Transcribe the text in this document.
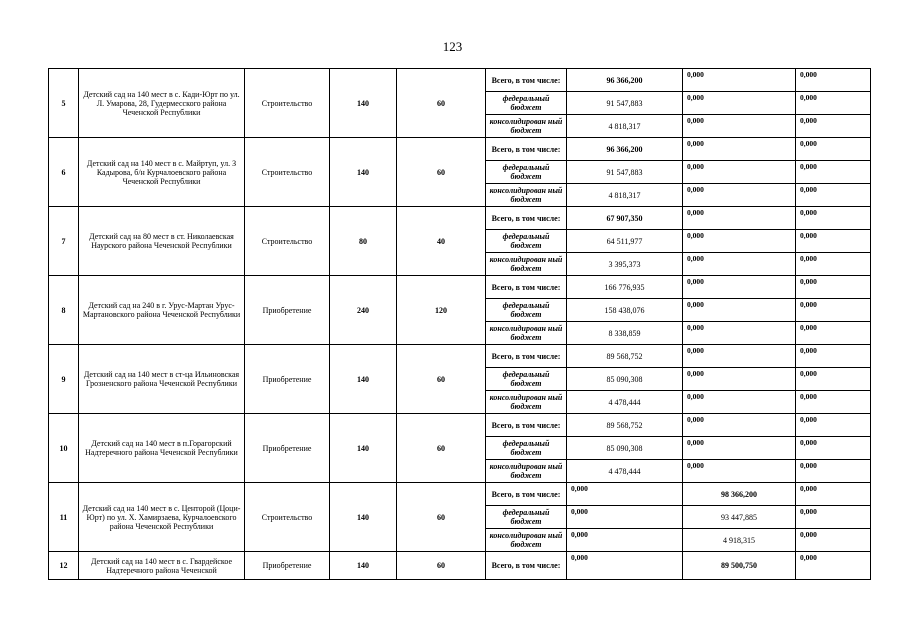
123
5	Детский сад на 140 мест в с. Кади-Юрт по ул. Л. Умарова, 28, Гудермесского района Чеченской Республики	Строительство	140	60	Всего, в том числе:	96 366,200	0,000	0,000
					федеральный бюджет	91 547,883	0,000	0,000
					консолидирован ный бюджет	4 818,317	0,000	0,000
6	Детский сад на 140 мест в с. Майртуп, ул. З Кадырова, б/н Курчалоевского района Чеченской Республики	Строительство	140	60	Всего, в том числе:	96 366,200	0,000	0,000
					федеральный бюджет	91 547,883	0,000	0,000
					консолидирован ный бюджет	4 818,317	0,000	0,000
7	Детский сад на 80 мест в ст. Николаевская Наурского района Чеченской Республики	Строительство	80	40	Всего, в том числе:	67 907,350	0,000	0,000
					федеральный бюджет	64 511,977	0,000	0,000
					консолидирован ный бюджет	3 395,373	0,000	0,000
8	Детский сад на 240 в г. Урус-Мартан Урус-Мартановского района Чеченской Республики	Приобретение	240	120	Всего, в том числе:	166 776,935	0,000	0,000
					федеральный бюджет	158 438,076	0,000	0,000
					консолидирован ный бюджет	8 338,859	0,000	0,000
9	Детский сад на 140 мест в ст-ца Ильиновская Грозненского района Чеченской Республики	Приобретение	140	60	Всего, в том числе:	89 568,752	0,000	0,000
					федеральный бюджет	85 090,308	0,000	0,000
					консолидирован ный бюджет	4 478,444	0,000	0,000
10	Детский сад на 140 мест в п.Горагорский Надтеречного района Чеченской Республики	Приобретение	140	60	Всего, в том числе:	89 568,752	0,000	0,000
					федеральный бюджет	85 090,308	0,000	0,000
					консолидирован ный бюджет	4 478,444	0,000	0,000
11	Детский сад на 140 мест в с. Центорой (Цоци-Юрт) по ул. Х. Хамирзаева, Курчалоевского района Чеченской Республики	Строительство	140	60	Всего, в том числе:	0,000	98 366,200	0,000
					федеральный бюджет	0,000	93 447,885	0,000
					консолидирован ный бюджет	0,000	4 918,315	0,000
12	Детский сад на 140 мест в с. Гвардейское Надтеречного района Чеченской	Приобретение	140	60	Всего, в том числе:	0,000	89 500,750	0,000
